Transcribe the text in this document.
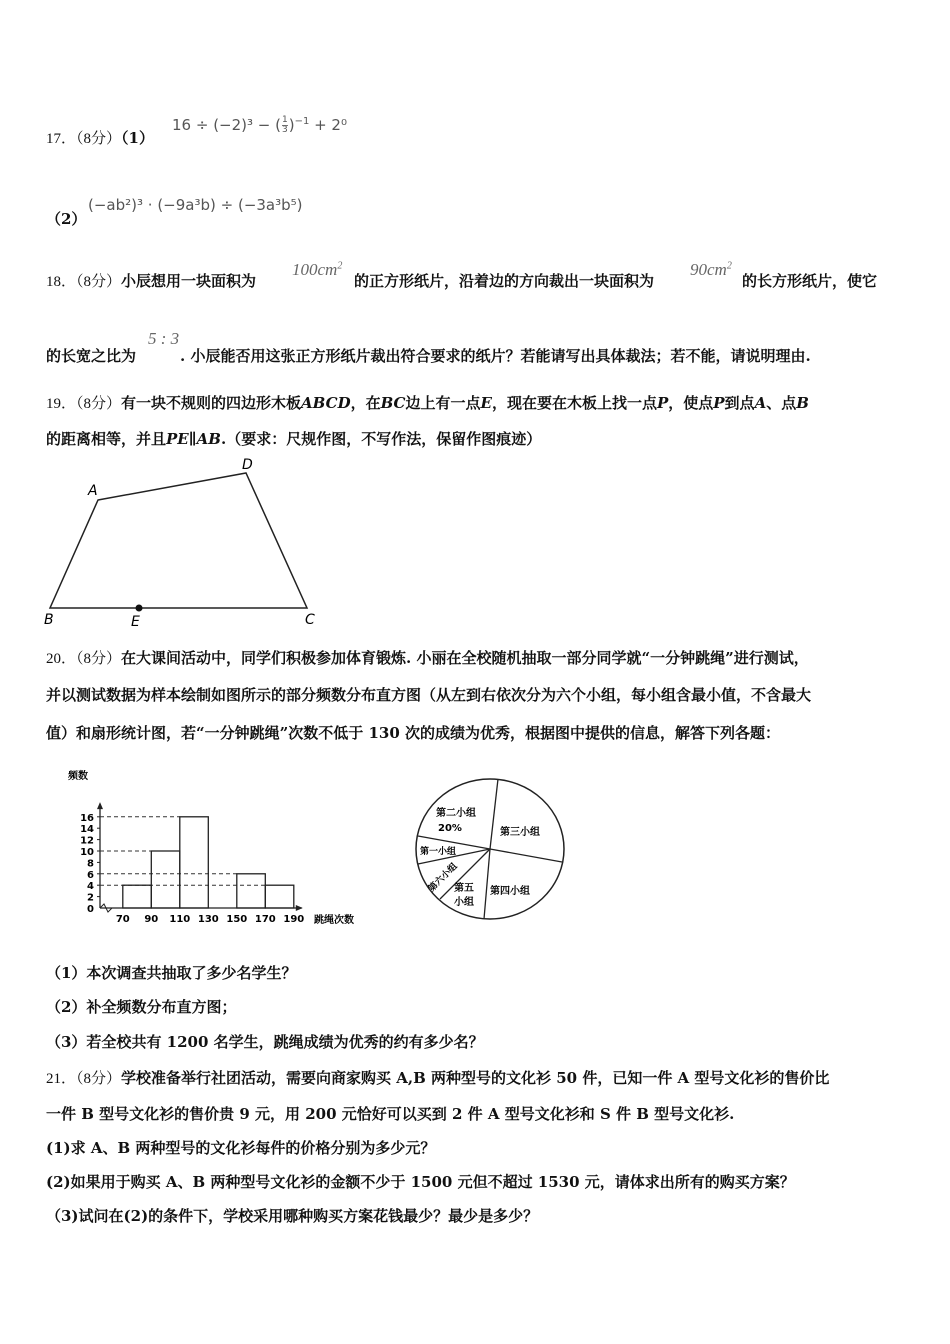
17．（8分）（1）
16 ÷ (−2)³ − ( $\frac{1}{3} )^{-1} + 2^0$
（2）
(−ab²)³ · (−9a³b) ÷ (−3a³b⁵)
18．（8分）小辰想用一块面积为
$100cm^2$
的正方形纸片，沿着边的方向裁出一块面积为
$90cm^2$
的长方形纸片，使它
的长宽之比为
5 : 3
. 小辰能否用这张正方形纸片裁出符合要求的纸片？若能请写出具体裁法；若不能，请说明理由.
19．（8分）有一块不规则的四边形木板ABCD，在BC边上有一点E，现在要在木板上找一点P，使点P到点A、点B
的距离相等，并且PE∥AB.（要求：尺规作图，不写作法，保留作图痕迹）
A
D
B	E	C
20．（8分）在大课间活动中，同学们积极参加体育锻炼. 小丽在全校随机抽取一部分同学就“一分钟跳绳”进行测试，
并以测试数据为样本绘制如图所示的部分频数分布直方图（从左到右依次分为六个小组，每小组含最小值，不含最大
值）和扇形统计图，若“一分钟跳绳”次数不低于 130 次的成绩为优秀，根据图中提供的信息，解答下列各题：
频数
跳绳次数
0
2
4
6
8
10
12
14
16
70 90 110 130 150 170 190
第二小组
20%	第三小组
第一小组
第六小组
第五
小组
第四小组
（1）本次调查共抽取了多少名学生？
（2）补全频数分布直方图；
（3）若全校共有 1200 名学生，跳绳成绩为优秀的约有多少名？
21．（8分）学校准备举行社团活动，需要向商家购买 A,B 两种型号的文化衫 50 件，已知一件 A 型号文化衫的售价比
一件 B 型号文化衫的售价贵 9 元，用 200 元恰好可以买到 2 件 A 型号文化衫和 S 件 B 型号文化衫.
(1)求 A、B 两种型号的文化衫每件的价格分别为多少元？
(2)如果用于购买 A、B 两种型号文化衫的金额不少于 1500 元但不超过 1530 元，请体求出所有的购买方案？
（3)试问在(2)的条件下，学校采用哪种购买方案花钱最少？最少是多少？
